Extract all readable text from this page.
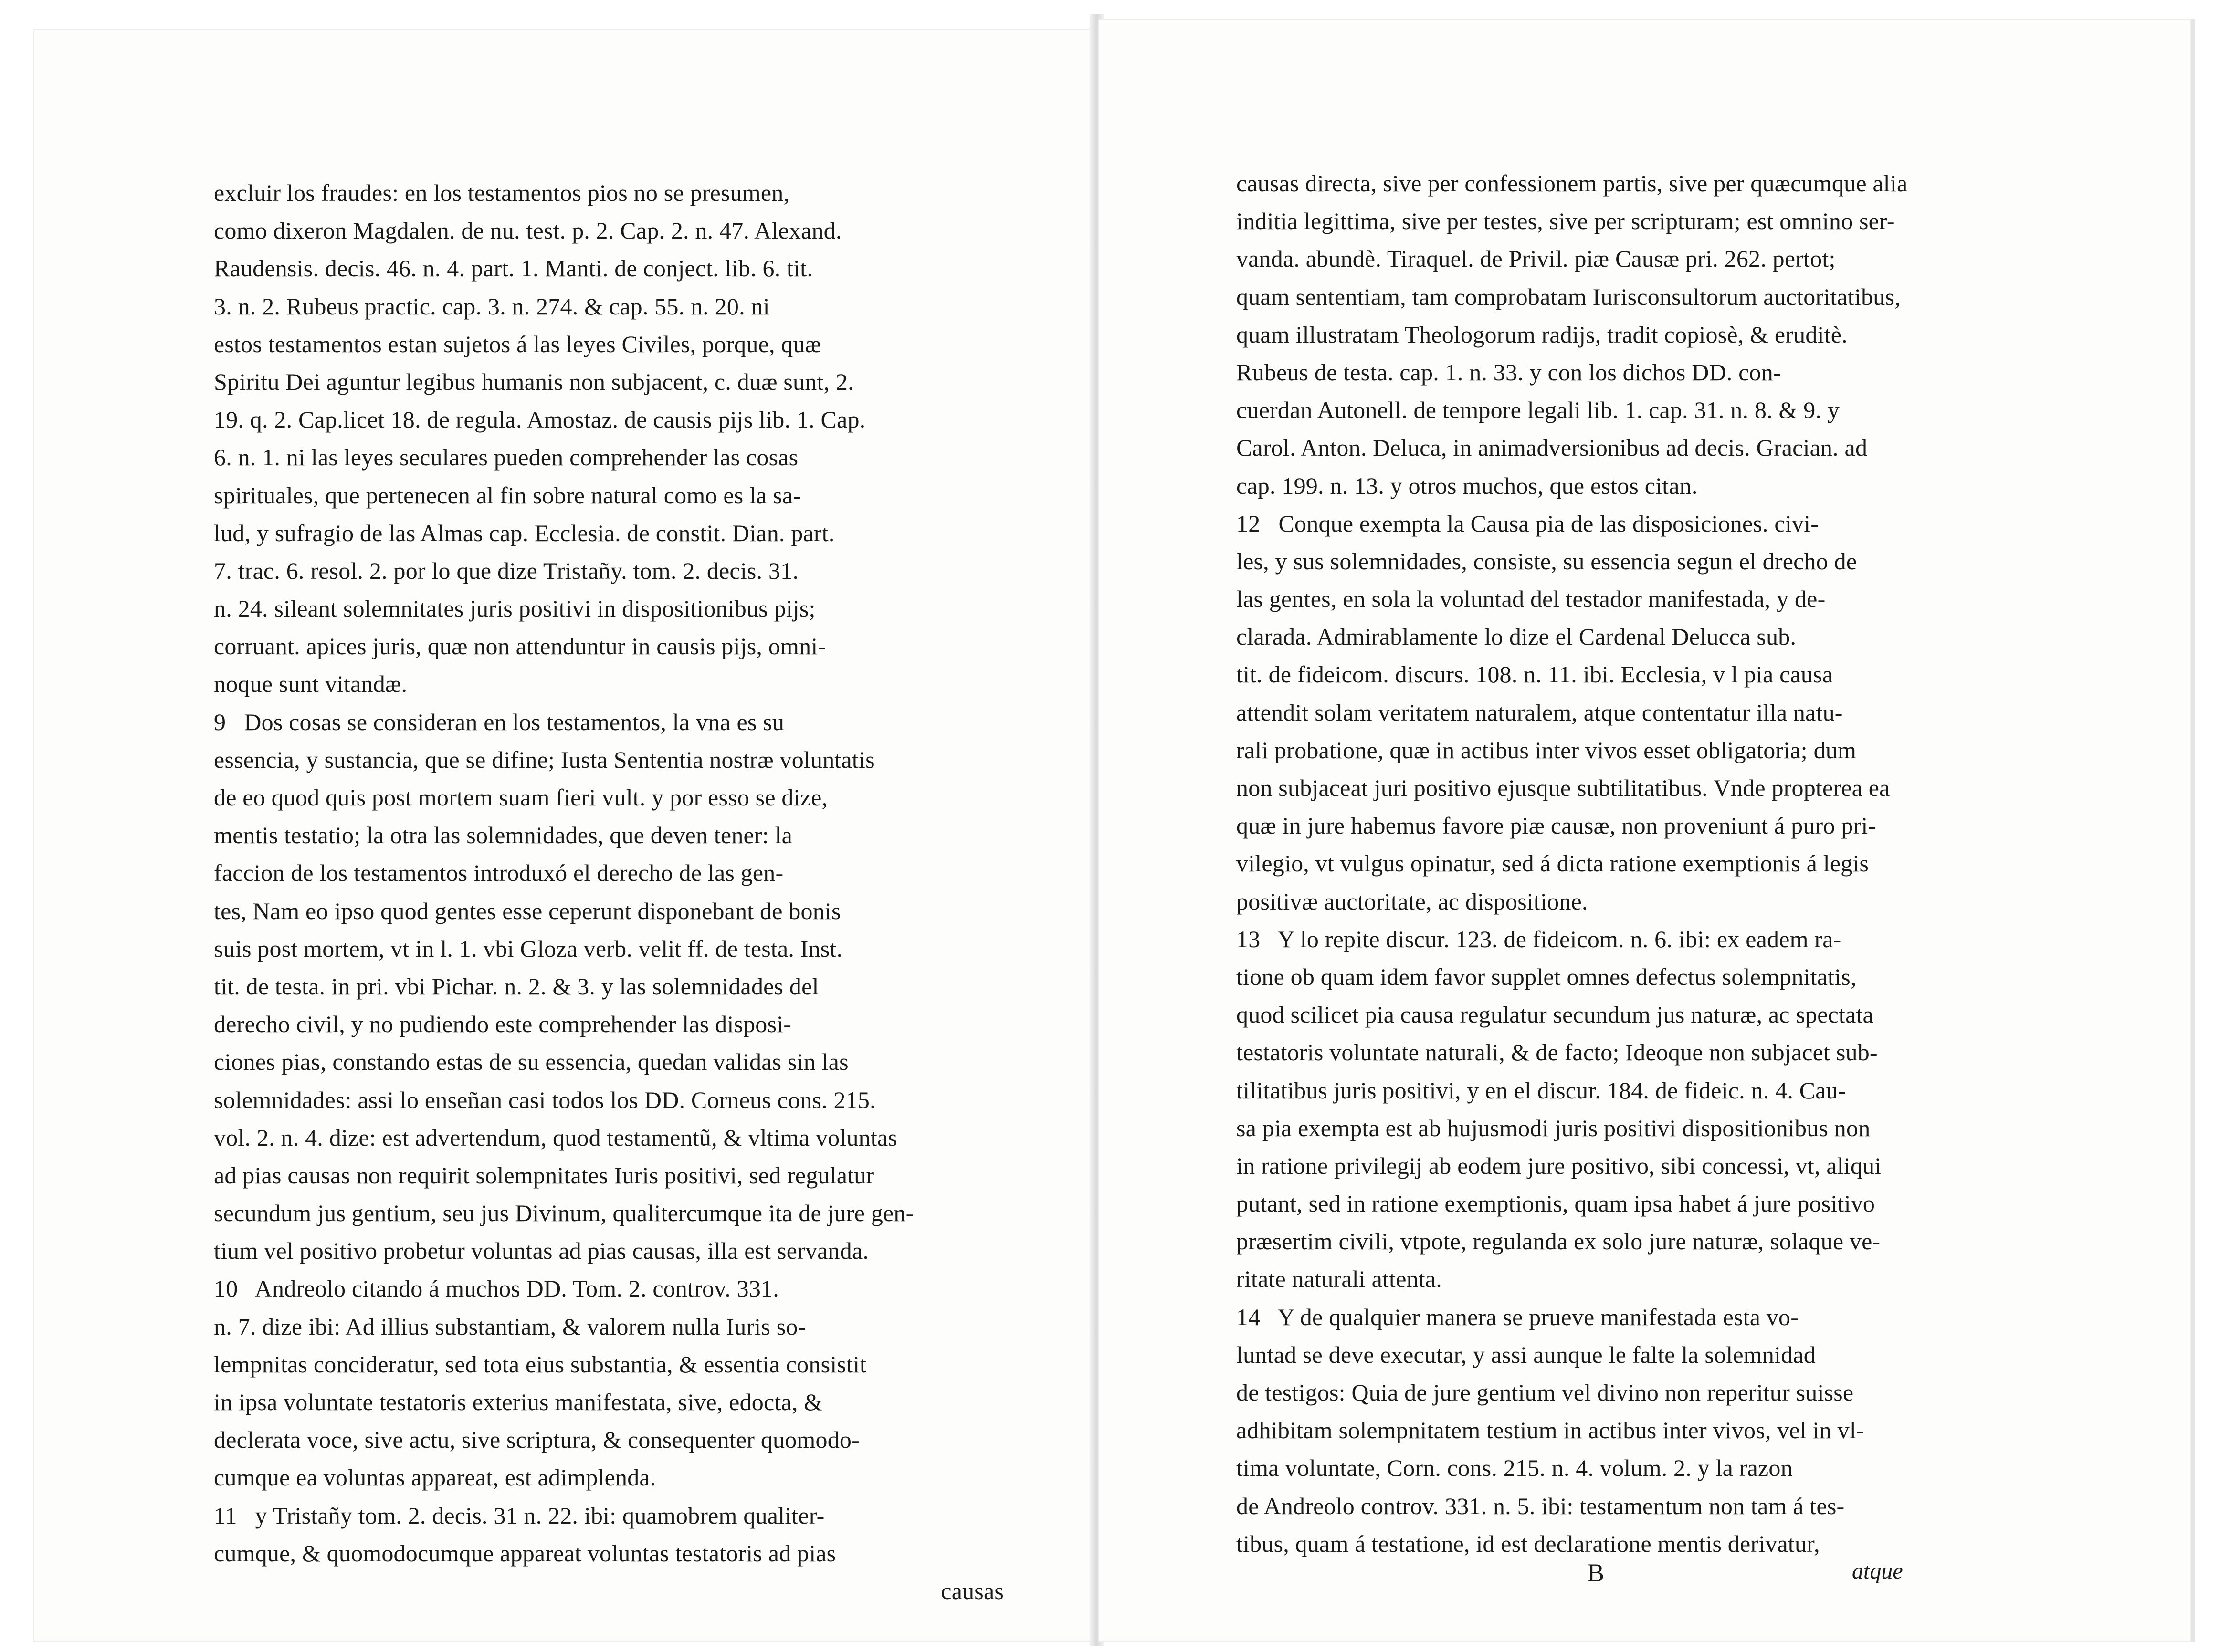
excluir los fraudes: en los testamentos pios no se presumen,
como dixeron Magdalen. de nu. test. p. 2. Cap. 2. n. 47. Alexand.
Raudensis. decis. 46. n. 4. part. 1. Manti. de conject. lib. 6. tit.
3. n. 2. Rubeus practic. cap. 3. n. 274. & cap. 55. n. 20. ni
estos testamentos estan sujetos á las leyes Civiles, porque, quæ
Spiritu Dei aguntur legibus humanis non subjacent, c. duæ sunt, 2.
19. q. 2. Cap.licet 18. de regula. Amostaz. de causis pijs lib. 1. Cap.
6. n. 1. ni las leyes seculares pueden comprehender las cosas
spirituales, que pertenecen al fin sobre natural como es la sa-
lud, y sufragio de las Almas cap. Ecclesia. de constit. Dian. part.
7. trac. 6. resol. 2. por lo que dize Tristañy. tom. 2. decis. 31.
n. 24. sileant solemnitates juris positivi in dispositionibus pijs;
corruant. apices juris, quæ non attenduntur in causis pijs, omni-
noque sunt vitandæ.
9   Dos cosas se consideran en los testamentos, la vna es su
essencia, y sustancia, que se difine; Iusta Sententia nostræ voluntatis
de eo quod quis post mortem suam fieri vult. y por esso se dize,
mentis testatio; la otra las solemnidades, que deven tener: la
faccion de los testamentos introduxó el derecho de las gen-
tes, Nam eo ipso quod gentes esse ceperunt disponebant de bonis
suis post mortem, vt in l. 1. vbi Gloza verb. velit ff. de testa. Inst.
tit. de testa. in pri. vbi Pichar. n. 2. & 3. y las solemnidades del
derecho civil, y no pudiendo este comprehender las disposi-
ciones pias, constando estas de su essencia, quedan validas sin las
solemnidades: assi lo enseñan casi todos los DD. Corneus cons. 215.
vol. 2. n. 4. dize: est advertendum, quod testamentũ, & vltima voluntas
ad pias causas non requirit solempnitates Iuris positivi, sed regulatur
secundum jus gentium, seu jus Divinum, qualitercumque ita de jure gen-
tium vel positivo probetur voluntas ad pias causas, illa est servanda.
10   Andreolo citando á muchos DD. Tom. 2. controv. 331.
n. 7. dize ibi: Ad illius substantiam, & valorem nulla Iuris so-
lempnitas concideratur, sed tota eius substantia, & essentia consistit
in ipsa voluntate testatoris exterius manifestata, sive, edocta, &
declerata voce, sive actu, sive scriptura, & consequenter quomodo-
cumque ea voluntas appareat, est adimplenda.
11   y Tristañy tom. 2. decis. 31 n. 22. ibi: quamobrem qualiter-
cumque, & quomodocumque appareat voluntas testatoris ad pias
causas
causas directa, sive per confessionem partis, sive per quæcumque alia
inditia legittima, sive per testes, sive per scripturam; est omnino ser-
vanda. abundè. Tiraquel. de Privil. piæ Causæ pri. 262. pertot;
quam sententiam, tam comprobatam Iurisconsultorum auctoritatibus,
quam illustratam Theologorum radijs, tradit copiosè, & eruditè.
Rubeus de testa. cap. 1. n. 33. y con los dichos DD. con-
cuerdan Autonell. de tempore legali lib. 1. cap. 31. n. 8. & 9. y
Carol. Anton. Deluca, in animadversionibus ad decis. Gracian. ad
cap. 199. n. 13. y otros muchos, que estos citan.
12   Conque exempta la Causa pia de las disposiciones. civi-
les, y sus solemnidades, consiste, su essencia segun el drecho de
las gentes, en sola la voluntad del testador manifestada, y de-
clarada. Admirablamente lo dize el Cardenal Delucca sub.
tit. de fideicom. discurs. 108. n. 11. ibi. Ecclesia, v l pia causa
attendit solam veritatem naturalem, atque contentatur illa natu-
rali probatione, quæ in actibus inter vivos esset obligatoria; dum
non subjaceat juri positivo ejusque subtilitatibus. Vnde propterea ea
quæ in jure habemus favore piæ causæ, non proveniunt á puro pri-
vilegio, vt vulgus opinatur, sed á dicta ratione exemptionis á legis
positivæ auctoritate, ac dispositione.
13   Y lo repite discur. 123. de fideicom. n. 6. ibi: ex eadem ra-
tione ob quam idem favor supplet omnes defectus solempnitatis,
quod scilicet pia causa regulatur secundum jus naturæ, ac spectata
testatoris voluntate naturali, & de facto; Ideoque non subjacet sub-
tilitatibus juris positivi, y en el discur. 184. de fideic. n. 4. Cau-
sa pia exempta est ab hujusmodi juris positivi dispositionibus non
in ratione privilegij ab eodem jure positivo, sibi concessi, vt, aliqui
putant, sed in ratione exemptionis, quam ipsa habet á jure positivo
præsertim civili, vtpote, regulanda ex solo jure naturæ, solaque ve-
ritate naturali attenta.
14   Y de qualquier manera se prueve manifestada esta vo-
luntad se deve executar, y assi aunque le falte la solemnidad
de testigos: Quia de jure gentium vel divino non reperitur suisse
adhibitam solempnitatem testium in actibus inter vivos, vel in vl-
tima voluntate, Corn. cons. 215. n. 4. volum. 2. y la razon
de Andreolo controv. 331. n. 5. ibi: testamentum non tam á tes-
tibus, quam á testatione, id est declaratione mentis derivatur,
B	atque
